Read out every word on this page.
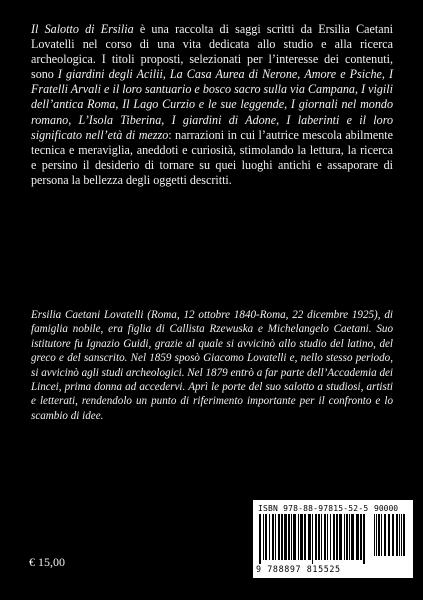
Il Salotto di Ersilia è una raccolta di saggi scritti da Ersilia Caetani Lovatelli nel corso di una vita dedicata allo studio e alla ricerca archeologica. I titoli proposti, selezionati per l’interesse dei contenuti, sono I giardini degli Acilii, La Casa Aurea di Nerone, Amore e Psiche, I Fratelli Arvali e il loro santuario e bosco sacro sulla via Campana, I vigili dell’antica Roma, Il Lago Curzio e le sue leggende, I giornali nel mondo romano, L’Isola Tiberina, I giardini di Adone, I laberinti e il loro significato nell’età di mezzo: narrazioni in cui l’autrice mescola abilmente tecnica e meraviglia, aneddoti e curiosità, stimolando la lettura, la ricerca e persino il desiderio di tornare su quei luoghi antichi e assaporare di persona la bellezza degli oggetti descritti.

Ersilia Caetani Lovatelli (Roma, 12 ottobre 1840-Roma, 22 dicembre 1925), di famiglia nobile, era figlia di Callista Rzewuska e Michelangelo Caetani. Suo istitutore fu Ignazio Guidi, grazie al quale si avvicinò allo studio del latino, del greco e del sanscrito. Nel 1859 sposò Giacomo Lovatelli e, nello stesso periodo, si avvicinò agli studi archeologici. Nel 1879 entrò a far parte dell’Accademia dei Lincei, prima donna ad accedervi. Aprì le porte del suo salotto a studiosi, artisti e letterati, rendendolo un punto di riferimento importante per il confronto e lo scambio di idee.

€ 15,00
ISBN 978-88-97815-52-5 90000
9 788897 815525
